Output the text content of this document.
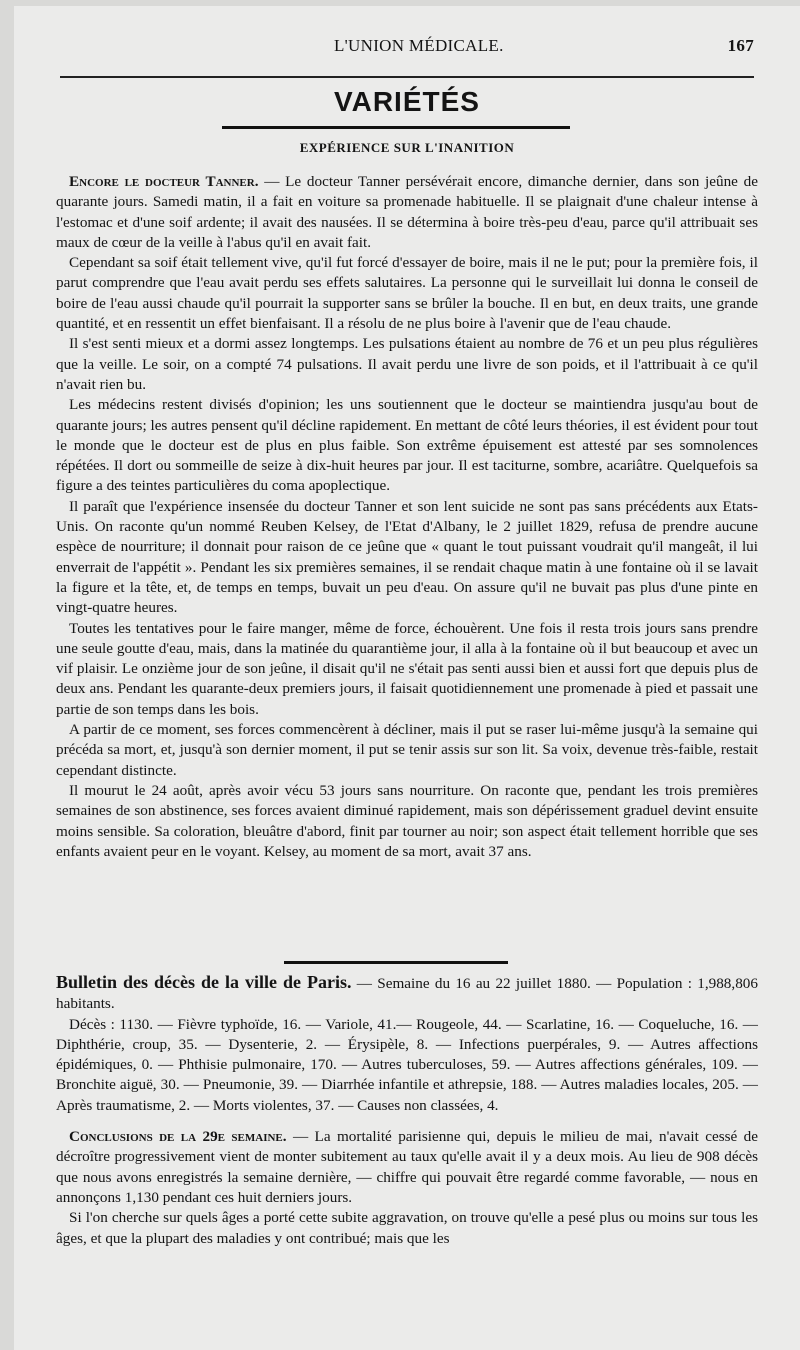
L'UNION MÉDICALE.	167
VARIÉTÉS
EXPÉRIENCE SUR L'INANITION

Encore le docteur Tanner. — Le docteur Tanner persévérait encore, dimanche dernier, dans son jeûne de quarante jours. Samedi matin, il a fait en voiture sa promenade habituelle. Il se plaignait d'une chaleur intense à l'estomac et d'une soif ardente; il avait des nausées. Il se détermina à boire très-peu d'eau, parce qu'il attribuait ses maux de cœur de la veille à l'abus qu'il en avait fait.

Cependant sa soif était tellement vive, qu'il fut forcé d'essayer de boire, mais il ne le put; pour la première fois, il parut comprendre que l'eau avait perdu ses effets salutaires. La personne qui le surveillait lui donna le conseil de boire de l'eau aussi chaude qu'il pourrait la supporter sans se brûler la bouche. Il en but, en deux traits, une grande quantité, et en ressentit un effet bienfaisant. Il a résolu de ne plus boire à l'avenir que de l'eau chaude.

Il s'est senti mieux et a dormi assez longtemps. Les pulsations étaient au nombre de 76 et un peu plus régulières que la veille. Le soir, on a compté 74 pulsations. Il avait perdu une livre de son poids, et il l'attribuait à ce qu'il n'avait rien bu.

Les médecins restent divisés d'opinion; les uns soutiennent que le docteur se maintiendra jusqu'au bout de quarante jours; les autres pensent qu'il décline rapidement. En mettant de côté leurs théories, il est évident pour tout le monde que le docteur est de plus en plus faible. Son extrême épuisement est attesté par ses somnolences répétées. Il dort ou sommeille de seize à dix-huit heures par jour. Il est taciturne, sombre, acariâtre. Quelquefois sa figure a des teintes particulières du coma apoplectique.

Il paraît que l'expérience insensée du docteur Tanner et son lent suicide ne sont pas sans précédents aux Etats-Unis. On raconte qu'un nommé Reuben Kelsey, de l'Etat d'Albany, le 2 juillet 1829, refusa de prendre aucune espèce de nourriture; il donnait pour raison de ce jeûne que « quant le tout puissant voudrait qu'il mangeât, il lui enverrait de l'appétit ». Pendant les six premières semaines, il se rendait chaque matin à une fontaine où il se lavait la figure et la tête, et, de temps en temps, buvait un peu d'eau. On assure qu'il ne buvait pas plus d'une pinte en vingt-quatre heures.

Toutes les tentatives pour le faire manger, même de force, échouèrent. Une fois il resta trois jours sans prendre une seule goutte d'eau, mais, dans la matinée du quarantième jour, il alla à la fontaine où il but beaucoup et avec un vif plaisir. Le onzième jour de son jeûne, il disait qu'il ne s'était pas senti aussi bien et aussi fort que depuis plus de deux ans. Pendant les quarante-deux premiers jours, il faisait quotidiennement une promenade à pied et passait une partie de son temps dans les bois.

A partir de ce moment, ses forces commencèrent à décliner, mais il put se raser lui-même jusqu'à la semaine qui précéda sa mort, et, jusqu'à son dernier moment, il put se tenir assis sur son lit. Sa voix, devenue très-faible, restait cependant distincte.

Il mourut le 24 août, après avoir vécu 53 jours sans nourriture. On raconte que, pendant les trois premières semaines de son abstinence, ses forces avaient diminué rapidement, mais son dépérissement graduel devint ensuite moins sensible. Sa coloration, bleuâtre d'abord, finit par tourner au noir; son aspect était tellement horrible que ses enfants avaient peur en le voyant. Kelsey, au moment de sa mort, avait 37 ans.

Bulletin des décès de la ville de Paris. — Semaine du 16 au 22 juillet 1880. — Population : 1,988,806 habitants.

Décès : 1130. — Fièvre typhoïde, 16. — Variole, 41.— Rougeole, 44. — Scarlatine, 16. — Coqueluche, 16. — Diphthérie, croup, 35. — Dysenterie, 2. — Érysipèle, 8. — Infections puerpérales, 9. — Autres affections épidémiques, 0. — Phthisie pulmonaire, 170. — Autres tuberculoses, 59. — Autres affections générales, 109. — Bronchite aiguë, 30. — Pneumonie, 39. — Diarrhée infantile et athrepsie, 188. — Autres maladies locales, 205. — Après traumatisme, 2. — Morts violentes, 37. — Causes non classées, 4.

Conclusions de la 29e semaine. — La mortalité parisienne qui, depuis le milieu de mai, n'avait cessé de décroître progressivement vient de monter subitement au taux qu'elle avait il y a deux mois. Au lieu de 908 décès que nous avons enregistrés la semaine dernière, — chiffre qui pouvait être regardé comme favorable, — nous en annonçons 1,130 pendant ces huit derniers jours.

Si l'on cherche sur quels âges a porté cette subite aggravation, on trouve qu'elle a pesé plus ou moins sur tous les âges, et que la plupart des maladies y ont contribué; mais que les
